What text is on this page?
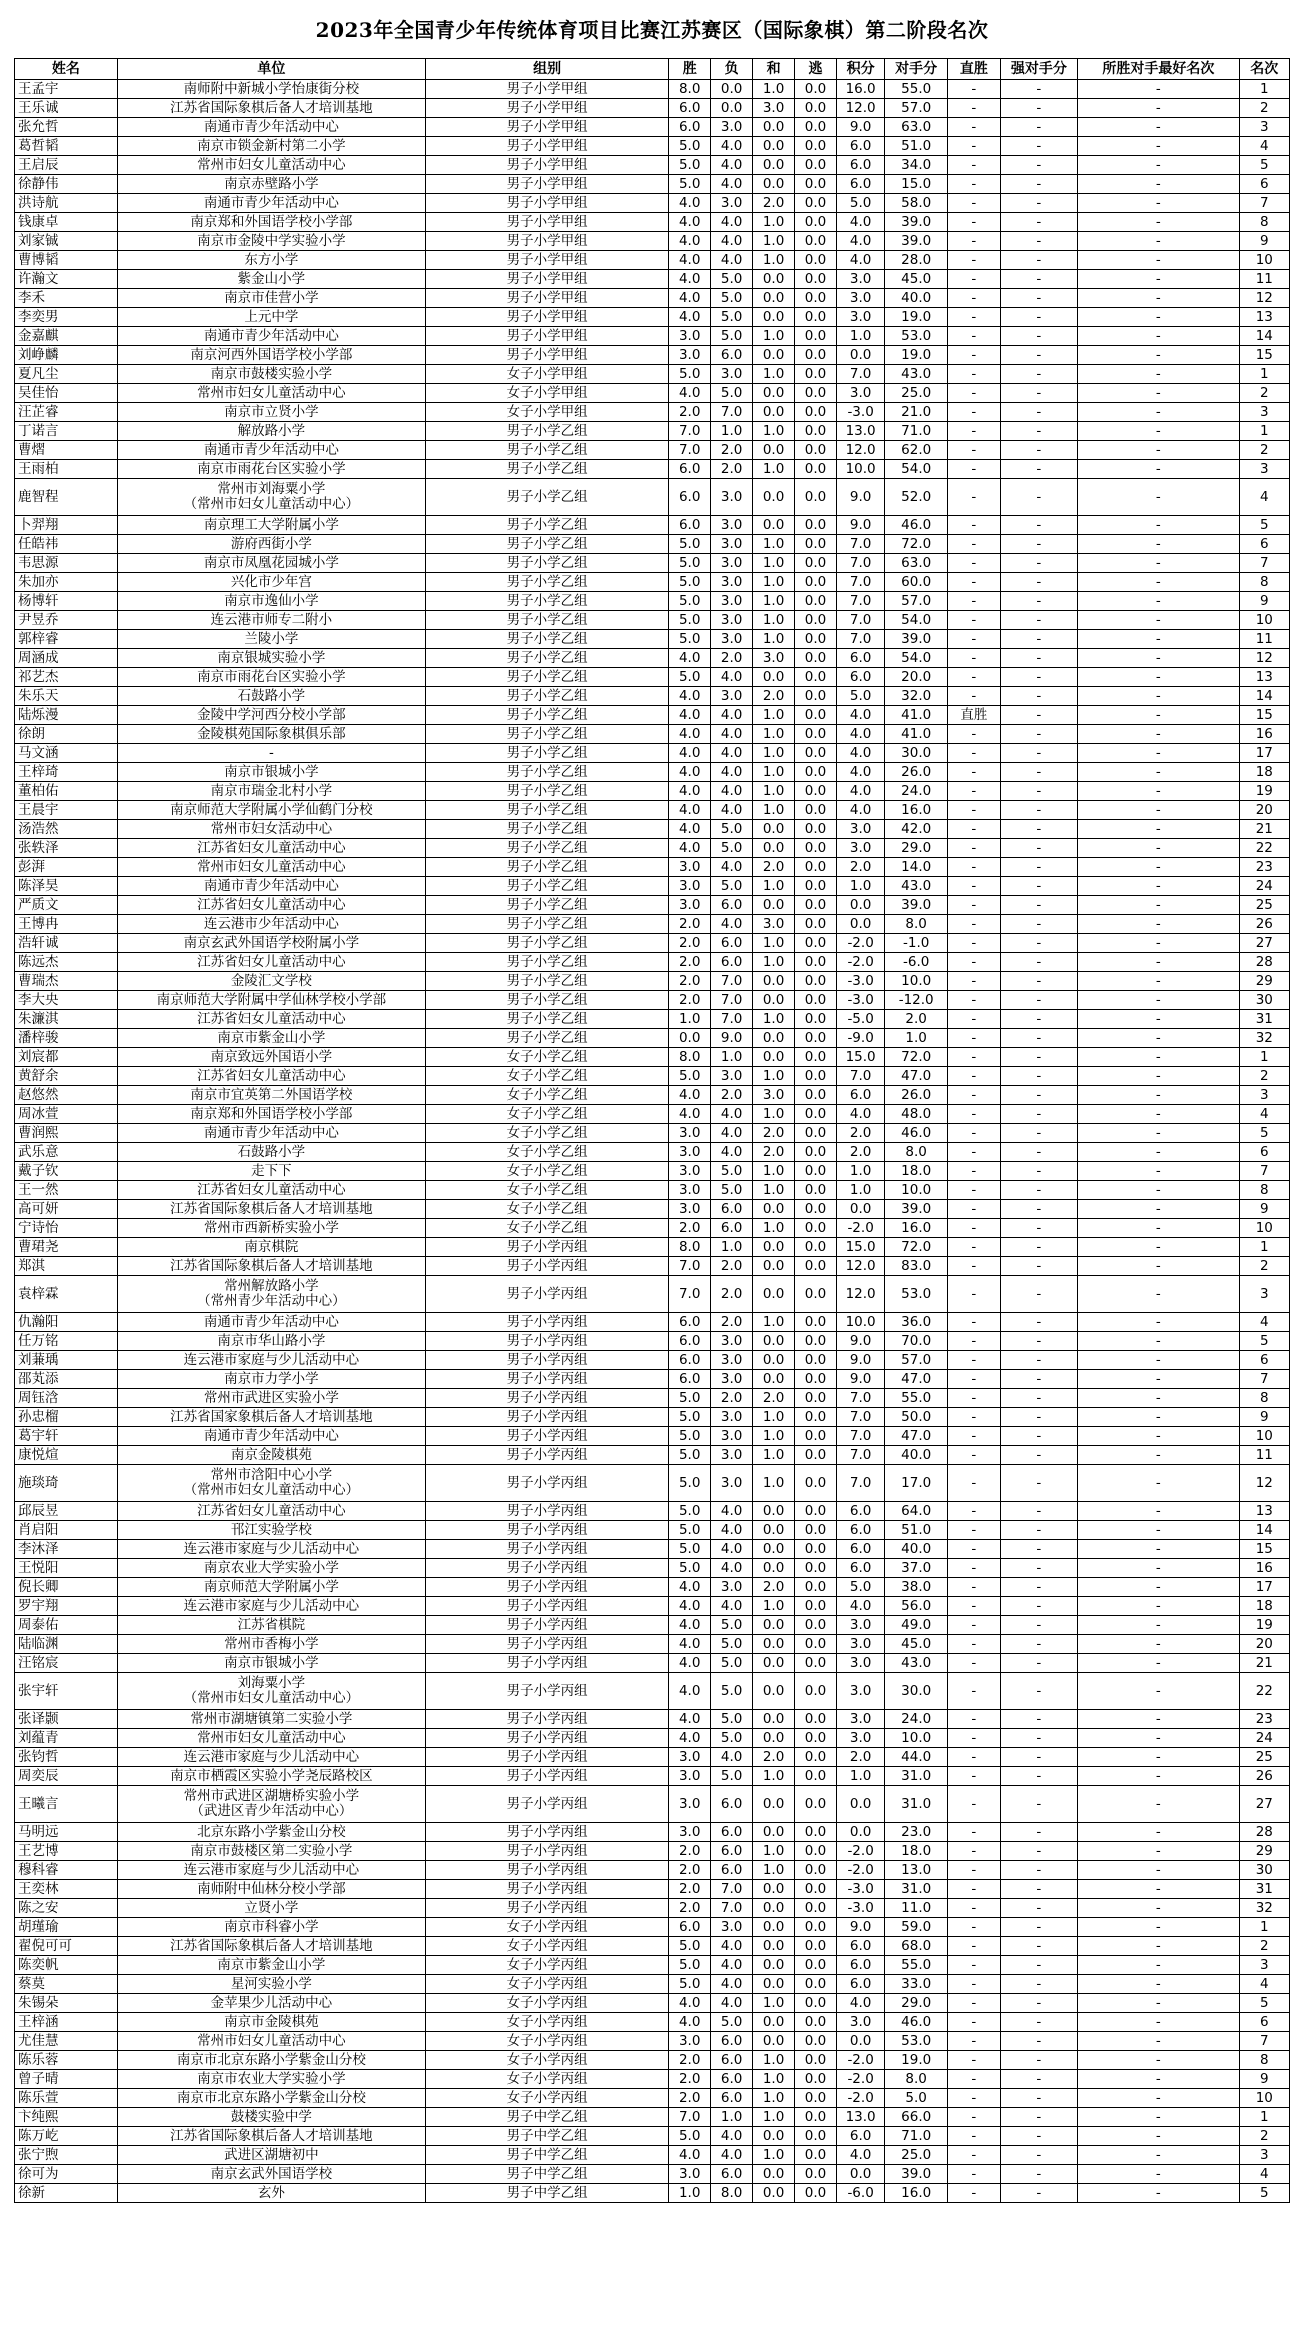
2023年全国青少年传统体育项目比赛江苏赛区（国际象棋）第二阶段名次
姓名	单位	组别	胜	负	和	逃	积分	对手分	直胜	强对手分	所胜对手最好名次	名次
王孟宇	南师附中新城小学怡康街分校	男子小学甲组	8.0	0.0	1.0	0.0	16.0	55.0	-	-	-	1
王乐诚	江苏省国际象棋后备人才培训基地	男子小学甲组	6.0	0.0	3.0	0.0	12.0	57.0	-	-	-	2
张允哲	南通市青少年活动中心	男子小学甲组	6.0	3.0	0.0	0.0	9.0	63.0	-	-	-	3
葛哲韬	南京市锁金新村第二小学	男子小学甲组	5.0	4.0	0.0	0.0	6.0	51.0	-	-	-	4
王启辰	常州市妇女儿童活动中心	男子小学甲组	5.0	4.0	0.0	0.0	6.0	34.0	-	-	-	5
徐静伟	南京赤壁路小学	男子小学甲组	5.0	4.0	0.0	0.0	6.0	15.0	-	-	-	6
洪诗航	南通市青少年活动中心	男子小学甲组	4.0	3.0	2.0	0.0	5.0	58.0	-	-	-	7
钱康卓	南京郑和外国语学校小学部	男子小学甲组	4.0	4.0	1.0	0.0	4.0	39.0	-	-	-	8
刘家铖	南京市金陵中学实验小学	男子小学甲组	4.0	4.0	1.0	0.0	4.0	39.0	-	-	-	9
曹博韬	东方小学	男子小学甲组	4.0	4.0	1.0	0.0	4.0	28.0	-	-	-	10
许瀚文	紫金山小学	男子小学甲组	4.0	5.0	0.0	0.0	3.0	45.0	-	-	-	11
李禾	南京市佳营小学	男子小学甲组	4.0	5.0	0.0	0.0	3.0	40.0	-	-	-	12
李奕男	上元中学	男子小学甲组	4.0	5.0	0.0	0.0	3.0	19.0	-	-	-	13
金嘉麒	南通市青少年活动中心	男子小学甲组	3.0	5.0	1.0	0.0	1.0	53.0	-	-	-	14
刘峥麟	南京河西外国语学校小学部	男子小学甲组	3.0	6.0	0.0	0.0	0.0	19.0	-	-	-	15
夏凡尘	南京市鼓楼实验小学	女子小学甲组	5.0	3.0	1.0	0.0	7.0	43.0	-	-	-	1
吴佳怡	常州市妇女儿童活动中心	女子小学甲组	4.0	5.0	0.0	0.0	3.0	25.0	-	-	-	2
汪芷睿	南京市立贤小学	女子小学甲组	2.0	7.0	0.0	0.0	-3.0	21.0	-	-	-	3
丁诺言	解放路小学	男子小学乙组	7.0	1.0	1.0	0.0	13.0	71.0	-	-	-	1
曹熠	南通市青少年活动中心	男子小学乙组	7.0	2.0	0.0	0.0	12.0	62.0	-	-	-	2
王雨柏	南京市雨花台区实验小学	男子小学乙组	6.0	2.0	1.0	0.0	10.0	54.0	-	-	-	3
鹿智程	常州市刘海粟小学
（常州市妇女儿童活动中心）	男子小学乙组	6.0	3.0	0.0	0.0	9.0	52.0	-	-	-	4
卜羿翔	南京理工大学附属小学	男子小学乙组	6.0	3.0	0.0	0.0	9.0	46.0	-	-	-	5
任皓祎	游府西街小学	男子小学乙组	5.0	3.0	1.0	0.0	7.0	72.0	-	-	-	6
韦思源	南京市凤凰花园城小学	男子小学乙组	5.0	3.0	1.0	0.0	7.0	63.0	-	-	-	7
朱加亦	兴化市少年宫	男子小学乙组	5.0	3.0	1.0	0.0	7.0	60.0	-	-	-	8
杨博轩	南京市逸仙小学	男子小学乙组	5.0	3.0	1.0	0.0	7.0	57.0	-	-	-	9
尹昱乔	连云港市师专二附小	男子小学乙组	5.0	3.0	1.0	0.0	7.0	54.0	-	-	-	10
郭梓睿	兰陵小学	男子小学乙组	5.0	3.0	1.0	0.0	7.0	39.0	-	-	-	11
周涵成	南京银城实验小学	男子小学乙组	4.0	2.0	3.0	0.0	6.0	54.0	-	-	-	12
祁艺杰	南京市雨花台区实验小学	男子小学乙组	5.0	4.0	0.0	0.0	6.0	20.0	-	-	-	13
朱乐天	石鼓路小学	男子小学乙组	4.0	3.0	2.0	0.0	5.0	32.0	-	-	-	14
陆烁漫	金陵中学河西分校小学部	男子小学乙组	4.0	4.0	1.0	0.0	4.0	41.0	直胜	-	-	15
徐朗	金陵棋苑国际象棋俱乐部	男子小学乙组	4.0	4.0	1.0	0.0	4.0	41.0	-	-	-	16
马文涵	-	男子小学乙组	4.0	4.0	1.0	0.0	4.0	30.0	-	-	-	17
王梓琦	南京市银城小学	男子小学乙组	4.0	4.0	1.0	0.0	4.0	26.0	-	-	-	18
董柏佑	南京市瑞金北村小学	男子小学乙组	4.0	4.0	1.0	0.0	4.0	24.0	-	-	-	19
王晨宇	南京师范大学附属小学仙鹤门分校	男子小学乙组	4.0	4.0	1.0	0.0	4.0	16.0	-	-	-	20
汤浩然	常州市妇女活动中心	男子小学乙组	4.0	5.0	0.0	0.0	3.0	42.0	-	-	-	21
张轶泽	江苏省妇女儿童活动中心	男子小学乙组	4.0	5.0	0.0	0.0	3.0	29.0	-	-	-	22
彭湃	常州市妇女儿童活动中心	男子小学乙组	3.0	4.0	2.0	0.0	2.0	14.0	-	-	-	23
陈泽昊	南通市青少年活动中心	男子小学乙组	3.0	5.0	1.0	0.0	1.0	43.0	-	-	-	24
严质文	江苏省妇女儿童活动中心	男子小学乙组	3.0	6.0	0.0	0.0	0.0	39.0	-	-	-	25
王博冉	连云港市少年活动中心	男子小学乙组	2.0	4.0	3.0	0.0	0.0	8.0	-	-	-	26
浩轩诚	南京玄武外国语学校附属小学	男子小学乙组	2.0	6.0	1.0	0.0	-2.0	-1.0	-	-	-	27
陈远杰	江苏省妇女儿童活动中心	男子小学乙组	2.0	6.0	1.0	0.0	-2.0	-6.0	-	-	-	28
曹瑞杰	金陵汇文学校	男子小学乙组	2.0	7.0	0.0	0.0	-3.0	10.0	-	-	-	29
李大央	南京师范大学附属中学仙林学校小学部	男子小学乙组	2.0	7.0	0.0	0.0	-3.0	-12.0	-	-	-	30
朱濂淇	江苏省妇女儿童活动中心	男子小学乙组	1.0	7.0	1.0	0.0	-5.0	2.0	-	-	-	31
潘梓骏	南京市紫金山小学	男子小学乙组	0.0	9.0	0.0	0.0	-9.0	1.0	-	-	-	32
刘宸都	南京致远外国语小学	女子小学乙组	8.0	1.0	0.0	0.0	15.0	72.0	-	-	-	1
黄舒余	江苏省妇女儿童活动中心	女子小学乙组	5.0	3.0	1.0	0.0	7.0	47.0	-	-	-	2
赵悠然	南京市宜英第二外国语学校	女子小学乙组	4.0	2.0	3.0	0.0	6.0	26.0	-	-	-	3
周冰萱	南京郑和外国语学校小学部	女子小学乙组	4.0	4.0	1.0	0.0	4.0	48.0	-	-	-	4
曹润熙	南通市青少年活动中心	女子小学乙组	3.0	4.0	2.0	0.0	2.0	46.0	-	-	-	5
武乐意	石鼓路小学	女子小学乙组	3.0	4.0	2.0	0.0	2.0	8.0	-	-	-	6
戴子钦	走下下	女子小学乙组	3.0	5.0	1.0	0.0	1.0	18.0	-	-	-	7
王一然	江苏省妇女儿童活动中心	女子小学乙组	3.0	5.0	1.0	0.0	1.0	10.0	-	-	-	8
高可妍	江苏省国际象棋后备人才培训基地	女子小学乙组	3.0	6.0	0.0	0.0	0.0	39.0	-	-	-	9
宁诗怡	常州市西新桥实验小学	女子小学乙组	2.0	6.0	1.0	0.0	-2.0	16.0	-	-	-	10
曹珺尧	南京棋院	男子小学丙组	8.0	1.0	0.0	0.0	15.0	72.0	-	-	-	1
郑淇	江苏省国际象棋后备人才培训基地	男子小学丙组	7.0	2.0	0.0	0.0	12.0	83.0	-	-	-	2
袁梓霖	常州解放路小学
（常州青少年活动中心）	男子小学丙组	7.0	2.0	0.0	0.0	12.0	53.0	-	-	-	3
仇瀚阳	南通市青少年活动中心	男子小学丙组	6.0	2.0	1.0	0.0	10.0	36.0	-	-	-	4
任万铭	南京市华山路小学	男子小学丙组	6.0	3.0	0.0	0.0	9.0	70.0	-	-	-	5
刘蒹瑀	连云港市家庭与少儿活动中心	男子小学丙组	6.0	3.0	0.0	0.0	9.0	57.0	-	-	-	6
邵芄添	南京市力学小学	男子小学丙组	6.0	3.0	0.0	0.0	9.0	47.0	-	-	-	7
周钰浛	常州市武进区实验小学	男子小学丙组	5.0	2.0	2.0	0.0	7.0	55.0	-	-	-	8
孙忠榴	江苏省国家象棋后备人才培训基地	男子小学丙组	5.0	3.0	1.0	0.0	7.0	50.0	-	-	-	9
葛宇轩	南通市青少年活动中心	男子小学丙组	5.0	3.0	1.0	0.0	7.0	47.0	-	-	-	10
康悦煊	南京金陵棋苑	男子小学丙组	5.0	3.0	1.0	0.0	7.0	40.0	-	-	-	11
施琰琦	常州市浛阳中心小学
（常州市妇女儿童活动中心）	男子小学丙组	5.0	3.0	1.0	0.0	7.0	17.0	-	-	-	12
邱辰昱	江苏省妇女儿童活动中心	男子小学丙组	5.0	4.0	0.0	0.0	6.0	64.0	-	-	-	13
肖启阳	邗江实验学校	男子小学丙组	5.0	4.0	0.0	0.0	6.0	51.0	-	-	-	14
李沐泽	连云港市家庭与少儿活动中心	男子小学丙组	5.0	4.0	0.0	0.0	6.0	40.0	-	-	-	15
王悦阳	南京农业大学实验小学	男子小学丙组	5.0	4.0	0.0	0.0	6.0	37.0	-	-	-	16
倪长卿	南京师范大学附属小学	男子小学丙组	4.0	3.0	2.0	0.0	5.0	38.0	-	-	-	17
罗宇翔	连云港市家庭与少儿活动中心	男子小学丙组	4.0	4.0	1.0	0.0	4.0	56.0	-	-	-	18
周泰佑	江苏省棋院	男子小学丙组	4.0	5.0	0.0	0.0	3.0	49.0	-	-	-	19
陆临渊	常州市香梅小学	男子小学丙组	4.0	5.0	0.0	0.0	3.0	45.0	-	-	-	20
汪铭宸	南京市银城小学	男子小学丙组	4.0	5.0	0.0	0.0	3.0	43.0	-	-	-	21
张宇轩	刘海粟小学
（常州市妇女儿童活动中心）	男子小学丙组	4.0	5.0	0.0	0.0	3.0	30.0	-	-	-	22
张译颢	常州市湖塘镇第二实验小学	男子小学丙组	4.0	5.0	0.0	0.0	3.0	24.0	-	-	-	23
刘蕴青	常州市妇女儿童活动中心	男子小学丙组	4.0	5.0	0.0	0.0	3.0	10.0	-	-	-	24
张钧哲	连云港市家庭与少儿活动中心	男子小学丙组	3.0	4.0	2.0	0.0	2.0	44.0	-	-	-	25
周奕辰	南京市栖霞区实验小学尧辰路校区	男子小学丙组	3.0	5.0	1.0	0.0	1.0	31.0	-	-	-	26
王曦言	常州市武进区湖塘桥实验小学
（武进区青少年活动中心）	男子小学丙组	3.0	6.0	0.0	0.0	0.0	31.0	-	-	-	27
马明远	北京东路小学紫金山分校	男子小学丙组	3.0	6.0	0.0	0.0	0.0	23.0	-	-	-	28
王艺博	南京市鼓楼区第二实验小学	男子小学丙组	2.0	6.0	1.0	0.0	-2.0	18.0	-	-	-	29
穆科睿	连云港市家庭与少儿活动中心	男子小学丙组	2.0	6.0	1.0	0.0	-2.0	13.0	-	-	-	30
王奕林	南师附中仙林分校小学部	男子小学丙组	2.0	7.0	0.0	0.0	-3.0	31.0	-	-	-	31
陈之安	立贤小学	男子小学丙组	2.0	7.0	0.0	0.0	-3.0	11.0	-	-	-	32
胡瑾瑜	南京市科睿小学	女子小学丙组	6.0	3.0	0.0	0.0	9.0	59.0	-	-	-	1
翟倪可可	江苏省国际象棋后备人才培训基地	女子小学丙组	5.0	4.0	0.0	0.0	6.0	68.0	-	-	-	2
陈奕帆	南京市紫金山小学	女子小学丙组	5.0	4.0	0.0	0.0	6.0	55.0	-	-	-	3
蔡莫	星河实验小学	女子小学丙组	5.0	4.0	0.0	0.0	6.0	33.0	-	-	-	4
朱锡朵	金苹果少儿活动中心	女子小学丙组	4.0	4.0	1.0	0.0	4.0	29.0	-	-	-	5
王梓涵	南京市金陵棋苑	女子小学丙组	4.0	5.0	0.0	0.0	3.0	46.0	-	-	-	6
尤佳慧	常州市妇女儿童活动中心	女子小学丙组	3.0	6.0	0.0	0.0	0.0	53.0	-	-	-	7
陈乐蓉	南京市北京东路小学紫金山分校	女子小学丙组	2.0	6.0	1.0	0.0	-2.0	19.0	-	-	-	8
曾子晴	南京市农业大学实验小学	女子小学丙组	2.0	6.0	1.0	0.0	-2.0	8.0	-	-	-	9
陈乐萱	南京市北京东路小学紫金山分校	女子小学丙组	2.0	6.0	1.0	0.0	-2.0	5.0	-	-	-	10
卞纯熙	鼓楼实验中学	男子中学乙组	7.0	1.0	1.0	0.0	13.0	66.0	-	-	-	1
陈万屹	江苏省国际象棋后备人才培训基地	男子中学乙组	5.0	4.0	0.0	0.0	6.0	71.0	-	-	-	2
张宁煦	武进区湖塘初中	男子中学乙组	4.0	4.0	1.0	0.0	4.0	25.0	-	-	-	3
徐可为	南京玄武外国语学校	男子中学乙组	3.0	6.0	0.0	0.0	0.0	39.0	-	-	-	4
徐新	玄外	男子中学乙组	1.0	8.0	0.0	0.0	-6.0	16.0	-	-	-	5
